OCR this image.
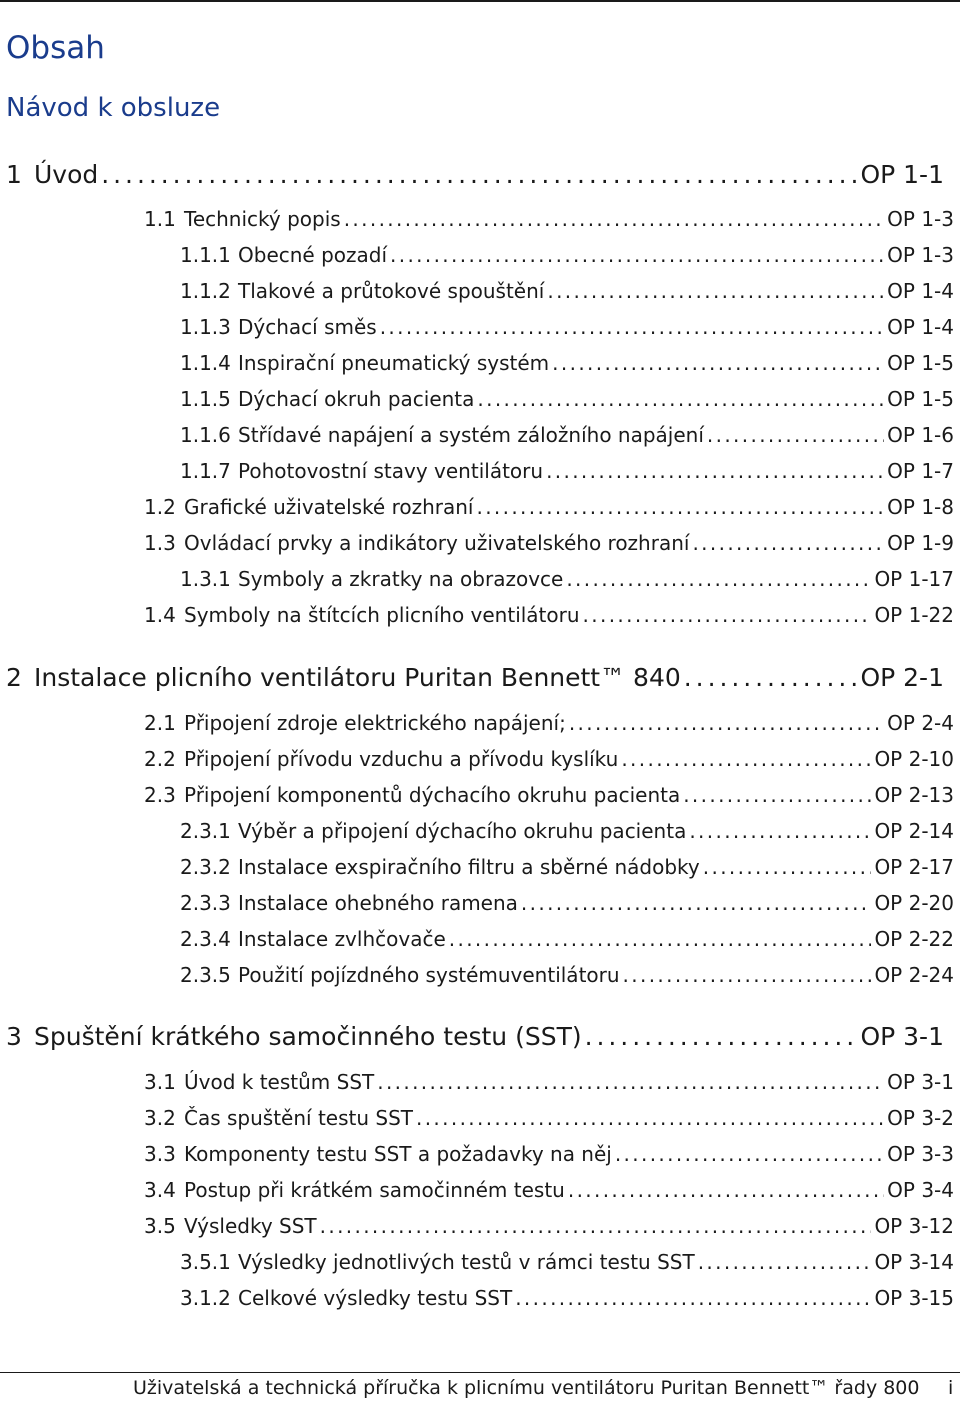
Obsah
Návod k obsluze
1 Úvod . . .	OP 1-1
1.1 Technický popis . . .	OP 1-3
1.1.1 Obecné pozadí . . .	OP 1-3
1.1.2 Tlakové a průtokové spouštění . . .	OP 1-4
1.1.3 Dýchací směs . . .	OP 1-4
1.1.4 Inspirační pneumatický systém . . .	OP 1-5
1.1.5 Dýchací okruh pacienta . . .	OP 1-5
1.1.6 Střídavé napájení a systém záložního napájení . . .	OP 1-6
1.1.7 Pohotovostní stavy ventilátoru . . .	OP 1-7
1.2 Grafické uživatelské rozhraní . . .	OP 1-8
1.3 Ovládací prvky a indikátory uživatelského rozhraní . . .	OP 1-9
1.3.1 Symboly a zkratky na obrazovce . . .	OP 1-17
1.4 Symboly na štítcích plicního ventilátoru . . .	OP 1-22
2 Instalace plicního ventilátoru Puritan Bennett™ 840 . . .	OP 2-1
2.1 Připojení zdroje elektrického napájení; . . .	OP 2-4
2.2 Připojení přívodu vzduchu a přívodu kyslíku . . .	OP 2-10
2.3 Připojení komponentů dýchacího okruhu pacienta . . .	OP 2-13
2.3.1 Výběr a připojení dýchacího okruhu pacienta . . .	OP 2-14
2.3.2 Instalace exspiračního filtru a sběrné nádobky . . .	OP 2-17
2.3.3 Instalace ohebného ramena . . .	OP 2-20
2.3.4 Instalace zvlhčovače . . .	OP 2-22
2.3.5 Použití pojízdného systémuventilátoru . . .	OP 2-24
3 Spuštění krátkého samočinného testu (SST) . . .	OP 3-1
3.1 Úvod k testům SST . . .	OP 3-1
3.2 Čas spuštění testu SST . . .	OP 3-2
3.3 Komponenty testu SST a požadavky na něj . . .	OP 3-3
3.4 Postup při krátkém samočinném testu . . .	OP 3-4
3.5 Výsledky SST . . .	OP 3-12
3.5.1 Výsledky jednotlivých testů v rámci testu SST . . .	OP 3-14
3.1.2 Celkové výsledky testu SST . . .	OP 3-15
Uživatelská a technická příručka k plicnímu ventilátoru Puritan Bennett™ řady 800 i
